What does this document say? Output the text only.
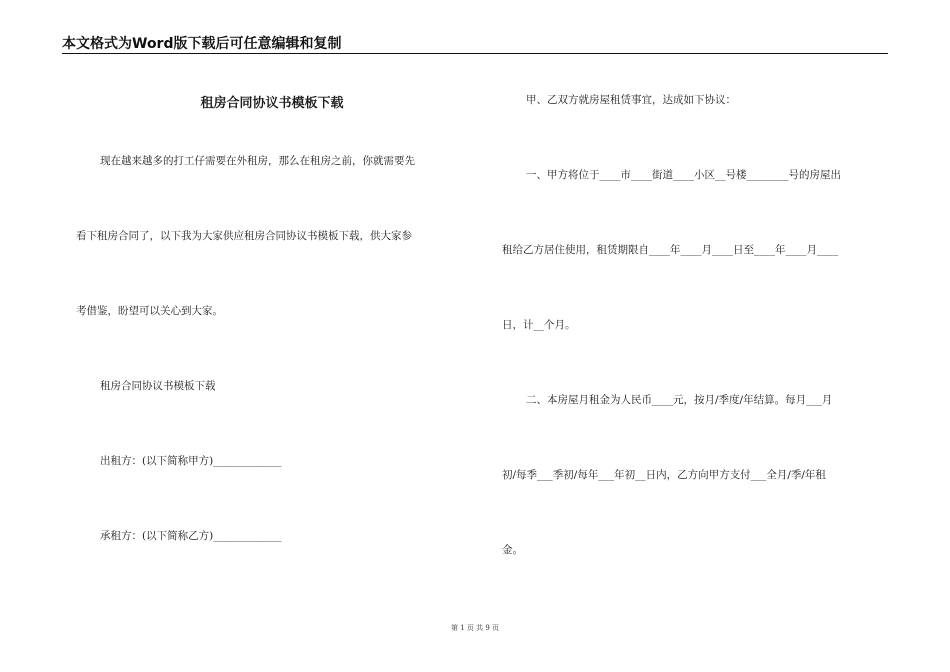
本文格式为Word版下载后可任意编辑和复制
租房合同协议书模板下载
现在越来越多的打工仔需要在外租房，那么在租房之前，你就需要先
看下租房合同了，以下我为大家供应租房合同协议书模板下载，供大家参
考借鉴，盼望可以关心到大家。
租房合同协议书模板下载
出租方：(以下简称甲方)_____________
承租方：(以下简称乙方)_____________
甲、乙双方就房屋租赁事宜，达成如下协议：
一、甲方将位于____市____街道____小区__号楼________号的房屋出
租给乙方居住使用，租赁期限自____年____月____日至____年____月____
日，计__个月。
二、本房屋月租金为人民币____元，按月/季度/年结算。每月___月
初/每季___季初/每年___年初__日内，乙方向甲方支付___全月/季/年租
金。
第 1 页 共 9 页
